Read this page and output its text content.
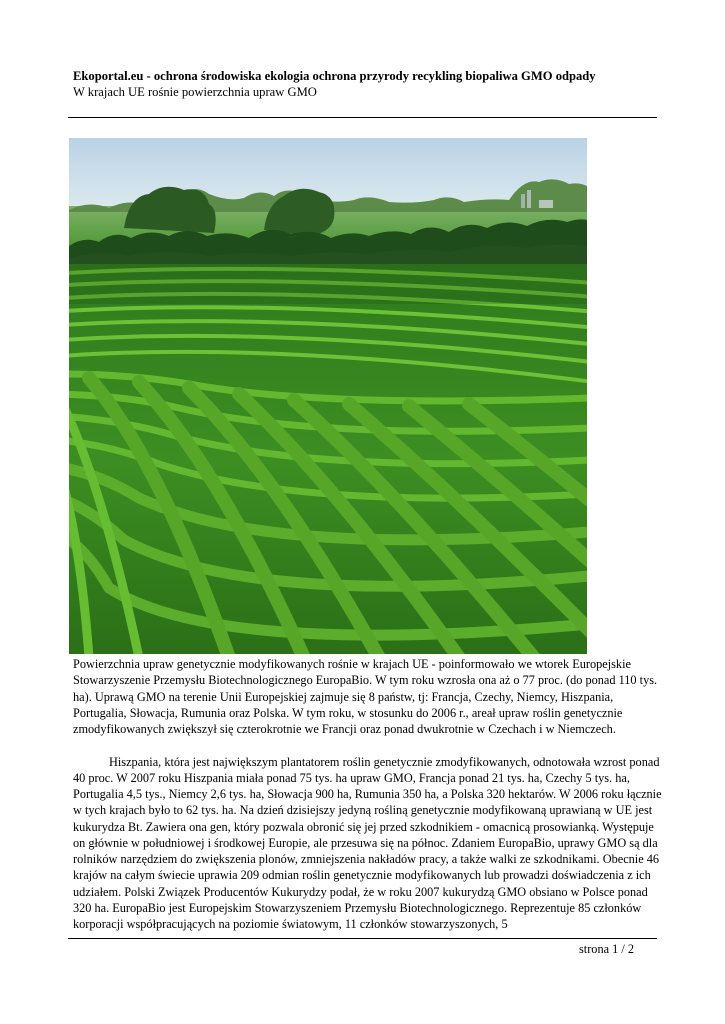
Ekoportal.eu - ochrona środowiska ekologia ochrona przyrody recykling biopaliwa GMO odpady
W krajach UE rośnie powierzchnia upraw GMO

Powierzchnia upraw genetycznie modyfikowanych rośnie w krajach UE - poinformowało we wtorek Europejskie Stowarzyszenie Przemysłu Biotechnologicznego EuropaBio. W tym roku wzrosła ona aż o 77 proc. (do ponad 110 tys. ha). Uprawą GMO na terenie Unii Europejskiej zajmuje się 8 państw, tj: Francja, Czechy, Niemcy, Hiszpania, Portugalia, Słowacja, Rumunia oraz Polska. W tym roku, w stosunku do 2006 r., areał upraw roślin genetycznie zmodyfikowanych zwiększył się czterokrotnie we Francji oraz ponad dwukrotnie w Czechach i w Niemczech.

Hiszpania, która jest największym plantatorem roślin genetycznie zmodyfikowanych, odnotowała wzrost ponad 40 proc. W 2007 roku Hiszpania miała ponad 75 tys. ha upraw GMO, Francja ponad 21 tys. ha, Czechy 5 tys. ha, Portugalia 4,5 tys., Niemcy 2,6 tys. ha, Słowacja 900 ha, Rumunia 350 ha, a Polska 320 hektarów. W 2006 roku łącznie w tych krajach było to 62 tys. ha. Na dzień dzisiejszy jedyną rośliną genetycznie modyfikowaną uprawianą w UE jest kukurydza Bt. Zawiera ona gen, który pozwala obronić się jej przed szkodnikiem - omacnicą prosowianką. Występuje on głównie w południowej i środkowej Europie, ale przesuwa się na północ. Zdaniem EuropaBio, uprawy GMO są dla rolników narzędziem do zwiększenia plonów, zmniejszenia nakładów pracy, a także walki ze szkodnikami. Obecnie 46 krajów na całym świecie uprawia 209 odmian roślin genetycznie modyfikowanych lub prowadzi doświadczenia z ich udziałem. Polski Związek Producentów Kukurydzy podał, że w roku 2007 kukurydzą GMO obsiano w Polsce ponad 320 ha. EuropaBio jest Europejskim Stowarzyszeniem Przemysłu Biotechnologicznego. Reprezentuje 85 członków korporacji współpracujących na poziomie światowym, 11 członków stowarzyszonych, 5

strona 1 / 2
